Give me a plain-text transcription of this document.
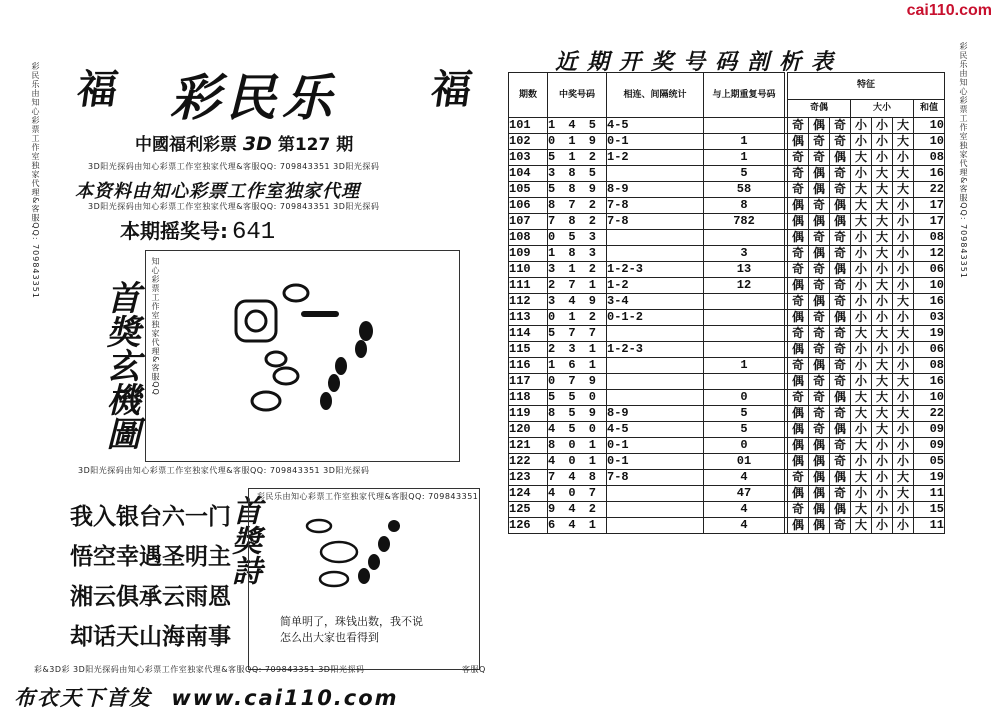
cai110.com
福	福
彩民乐
中國福利彩票 3D 第127 期
3D阳光探码由知心彩票工作室独家代理&客服QQ: 709843351 3D阳光探码
本资料由知心彩票工作室独家代理
3D阳光探码由知心彩票工作室独家代理&客服QQ: 709843351 3D阳光探码
本期摇奖号: 641
彩民乐由知心彩票工作室独家代理&客服QQ: 709843351
首獎玄機圖	知心彩票工作室独家代理&客服QQ
3D阳光探码由知心彩票工作室独家代理&客服QQ: 709843351 3D阳光探码
我入银台六一门
悟空幸遇圣明主
湘云俱承云雨恩
却话天山海南事
首獎詩
彩民乐由知心彩票工作室独家代理&客服QQ: 709843351
简单明了，珠钱出数，我不说
怎么出大家也看得到
彩&3D彩 3D阳光探码由知心彩票工作室独家代理&客服QQ: 709843351 3D阳光探码	客服Q
布衣天下首发 www.cai110.com
近期开奖号码剖析表	彩民乐由知心彩票工作室独家代理&客服QQ: 709843351
期数	中奖号码	相连、间隔统计	与上期重复号码		特征						
					奇偶			大小			和值
101	1 4 5	4-5			奇	偶	奇	小	小	大	10
102	0 1 9	0-1	1		偶	奇	奇	小	小	大	10
103	5 1 2	1-2	1		奇	奇	偶	大	小	小	08
104	3 8 5		5		奇	偶	奇	小	大	大	16
105	5 8 9	8-9	58		奇	偶	奇	大	大	大	22
106	8 7 2	7-8	8		偶	奇	偶	大	大	小	17
107	7 8 2	7-8	782		偶	偶	偶	大	大	小	17
108	0 5 3				偶	奇	奇	小	大	小	08
109	1 8 3		3		奇	偶	奇	小	大	小	12
110	3 1 2	1-2-3	13		奇	奇	偶	小	小	小	06
111	2 7 1	1-2	12		偶	奇	奇	小	大	小	10
112	3 4 9	3-4			奇	偶	奇	小	小	大	16
113	0 1 2	0-1-2			偶	奇	偶	小	小	小	03
114	5 7 7				奇	奇	奇	大	大	大	19
115	2 3 1	1-2-3			偶	奇	奇	小	小	小	06
116	1 6 1		1		奇	偶	奇	小	大	小	08
117	0 7 9				偶	奇	奇	小	大	大	16
118	5 5 0		0		奇	奇	偶	大	大	小	10
119	8 5 9	8-9	5		偶	奇	奇	大	大	大	22
120	4 5 0	4-5	5		偶	奇	偶	小	大	小	09
121	8 0 1	0-1	0		偶	偶	奇	大	小	小	09
122	4 0 1	0-1	01		偶	偶	奇	小	小	小	05
123	7 4 8	7-8	4		奇	偶	偶	大	小	大	19
124	4 0 7		47		偶	偶	奇	小	小	大	11
125	9 4 2		4		奇	偶	偶	大	小	小	15
126	6 4 1		4		偶	偶	奇	大	小	小	11
